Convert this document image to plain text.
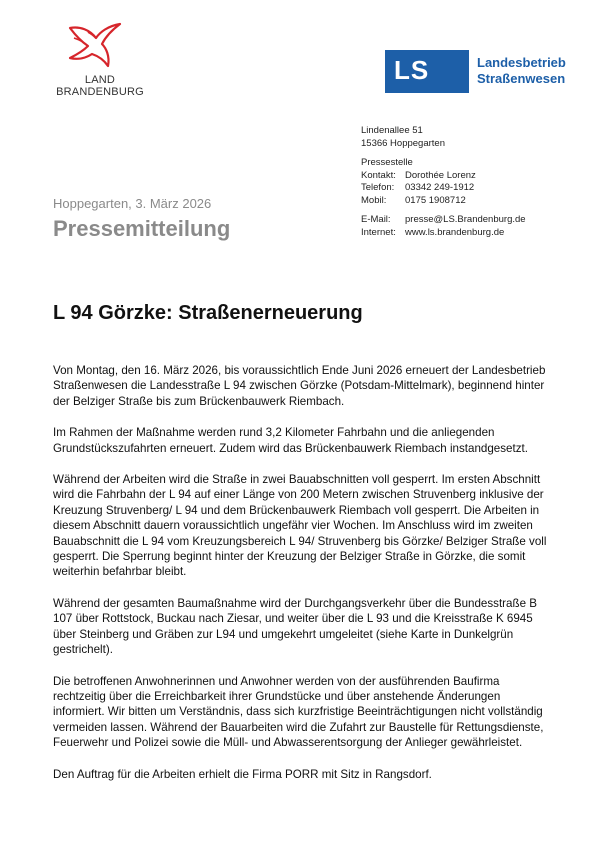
LAND
BRANDENBURG
LS	Landesbetrieb
Straßenwesen
Lindenallee 51
15366 Hoppegarten
Pressestelle
Kontakt: Dorothée Lorenz
Telefon: 03342 249-1912
Mobil: 0175 1908712
E-Mail: presse@LS.Brandenburg.de
Internet: www.ls.brandenburg.de
Hoppegarten, 3. März 2026
Pressemitteilung
L 94 Görzke: Straßenerneuerung

Von Montag, den 16. März 2026, bis voraussichtlich Ende Juni 2026 erneuert der Landesbetrieb Straßenwesen die Landesstraße L 94 zwischen Görzke (Potsdam-Mittelmark), beginnend hinter der Belziger Straße bis zum Brückenbauwerk Riembach.

Im Rahmen der Maßnahme werden rund 3,2 Kilometer Fahrbahn und die anliegenden Grundstückszufahrten erneuert. Zudem wird das Brückenbauwerk Riembach instandgesetzt.

Während der Arbeiten wird die Straße in zwei Bauabschnitten voll gesperrt. Im ersten Abschnitt wird die Fahrbahn der L 94 auf einer Länge von 200 Metern zwischen Struvenberg inklusive der Kreuzung Struvenberg/ L 94 und dem Brückenbauwerk Riembach voll gesperrt. Die Arbeiten in diesem Abschnitt dauern voraussichtlich ungefähr vier Wochen. Im Anschluss wird im zweiten Bauabschnitt die L 94 vom Kreuzungsbereich L 94/ Struvenberg bis Görzke/ Belziger Straße voll gesperrt. Die Sperrung beginnt hinter der Kreuzung der Belziger Straße in Görzke, die somit weiterhin befahrbar bleibt.

Während der gesamten Baumaßnahme wird der Durchgangsverkehr über die Bundesstraße B 107 über Rottstock, Buckau nach Ziesar, und weiter über die L 93 und die Kreisstraße K 6945 über Steinberg und Gräben zur L94 und umgekehrt umgeleitet (siehe Karte in Dunkelgrün gestrichelt).

Die betroffenen Anwohnerinnen und Anwohner werden von der ausführenden Baufirma rechtzeitig über die Erreichbarkeit ihrer Grundstücke und über anstehende Änderungen informiert. Wir bitten um Verständnis, dass sich kurzfristige Beeinträchtigungen nicht vollständig vermeiden lassen. Während der Bauarbeiten wird die Zufahrt zur Baustelle für Rettungsdienste, Feuerwehr und Polizei sowie die Müll- und Abwasserentsorgung der Anlieger gewährleistet.

Den Auftrag für die Arbeiten erhielt die Firma PORR mit Sitz in Rangsdorf.
